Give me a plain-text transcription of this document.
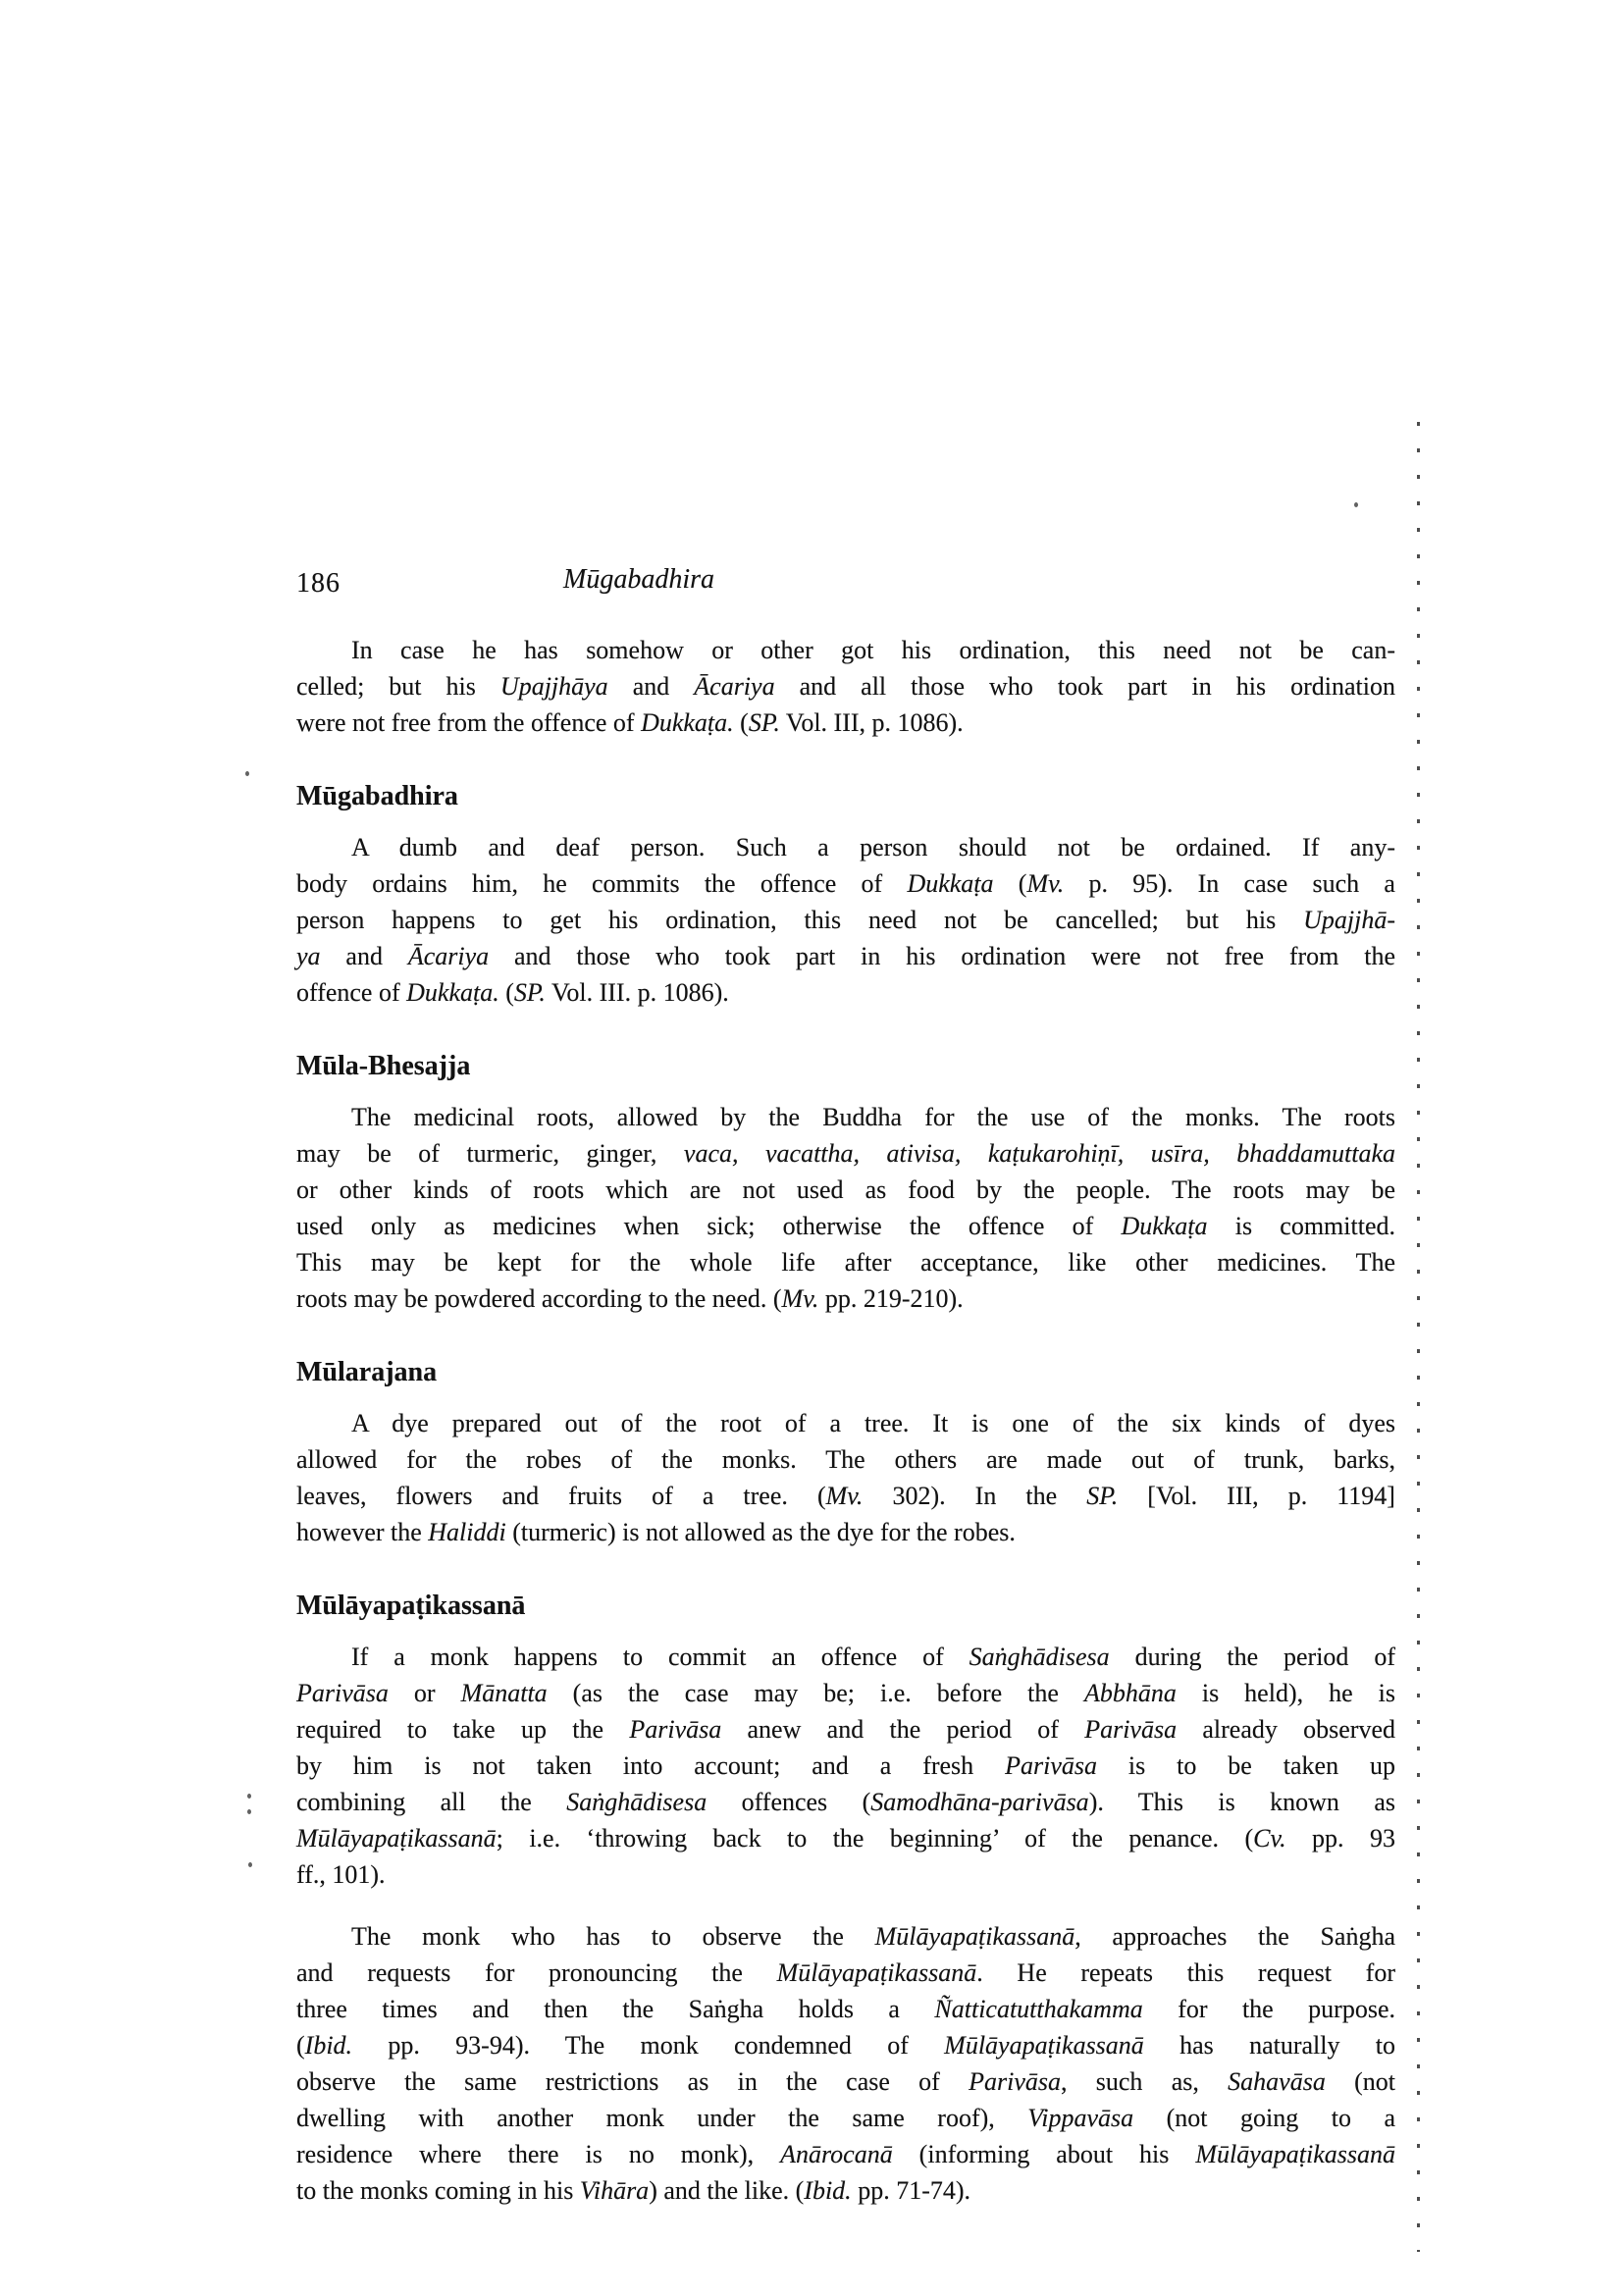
186	Mūgabadhira
In case he has somehow or other got his ordination, this need not be can-
celled; but his Upajjhāya and Ācariya and all those who took part in his ordination
were not free from the offence of Dukkaṭa. (SP. Vol. III, p. 1086).
Mūgabadhira
A dumb and deaf person. Such a person should not be ordained. If any-
body ordains him, he commits the offence of Dukkaṭa (Mv. p. 95). In case such a
person happens to get his ordination, this need not be cancelled; but his Upajjhā-
ya and Ācariya and those who took part in his ordination were not free from the
offence of Dukkaṭa. (SP. Vol. III. p. 1086).
Mūla-Bhesajja
The medicinal roots, allowed by the Buddha for the use of the monks. The roots
may be of turmeric, ginger, vaca, vacattha, ativisa, kaṭukarohiṇī, usīra, bhaddamuttaka
or other kinds of roots which are not used as food by the people. The roots may be
used only as medicines when sick; otherwise the offence of Dukkaṭa is committed.
This may be kept for the whole life after acceptance, like other medicines. The
roots may be powdered according to the need. (Mv. pp. 219-210).
Mūlarajana
A dye prepared out of the root of a tree. It is one of the six kinds of dyes
allowed for the robes of the monks. The others are made out of trunk, barks,
leaves, flowers and fruits of a tree. (Mv. 302). In the SP. [Vol. III, p. 1194]
however the Haliddi (turmeric) is not allowed as the dye for the robes.
Mūlāyapaṭikassanā
If a monk happens to commit an offence of Saṅghādisesa during the period of
Parivāsa or Mānatta (as the case may be; i.e. before the Abbhāna is held), he is
required to take up the Parivāsa anew and the period of Parivāsa already observed
by him is not taken into account; and a fresh Parivāsa is to be taken up
combining all the Saṅghādisesa offences (Samodhāna-parivāsa). This is known as
Mūlāyapaṭikassanā; i.e. ‘throwing back to the beginning’ of the penance. (Cv. pp. 93
ff., 101).
The monk who has to observe the Mūlāyapaṭikassanā, approaches the Saṅgha
and requests for pronouncing the Mūlāyapaṭikassanā. He repeats this request for
three times and then the Saṅgha holds a Ñatticatutthakamma for the purpose.
(Ibid. pp. 93-94). The monk condemned of Mūlāyapaṭikassanā has naturally to
observe the same restrictions as in the case of Parivāsa, such as, Sahavāsa (not
dwelling with another monk under the same roof), Vippavāsa (not going to a
residence where there is no monk), Anārocanā (informing about his Mūlāyapaṭikassanā
to the monks coming in his Vihāra) and the like. (Ibid. pp. 71-74).
